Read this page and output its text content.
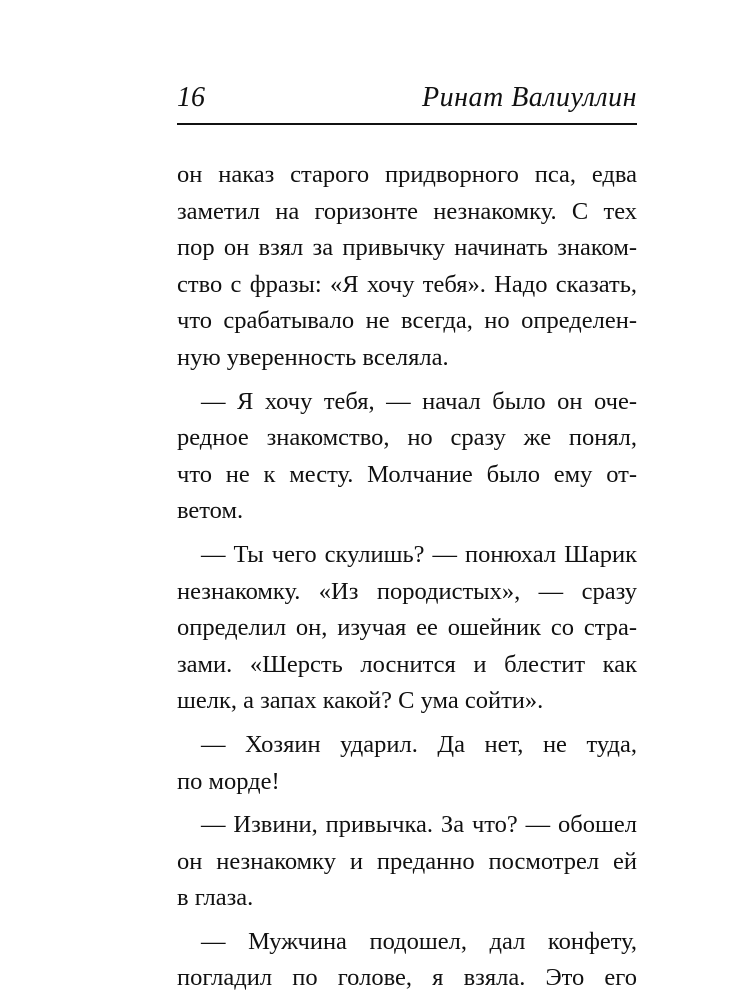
16	Ринат Валиуллин
он наказ старого придворного пса, едва
заметил на горизонте незнакомку. С тех
пор он взял за привычку начинать знаком-
ство с фразы: «Я хочу тебя». Надо сказать,
что срабатывало не всегда, но определен-
ную уверенность вселяла.
— Я хочу тебя, — начал было он оче-
редное знакомство, но сразу же понял,
что не к месту. Молчание было ему от-
ветом.
— Ты чего скулишь? — понюхал Шарик
незнакомку. «Из породистых», — сразу
определил он, изучая ее ошейник со стра-
зами. «Шерсть лоснится и блестит как
шелк, а запах какой? С ума сойти».
— Хозяин ударил. Да нет, не туда,
по морде!
— Извини, привычка. За что? — обошел
он незнакомку и преданно посмотрел ей
в глаза.
— Мужчина подошел, дал конфету,
погладил по голове, я взяла. Это его
